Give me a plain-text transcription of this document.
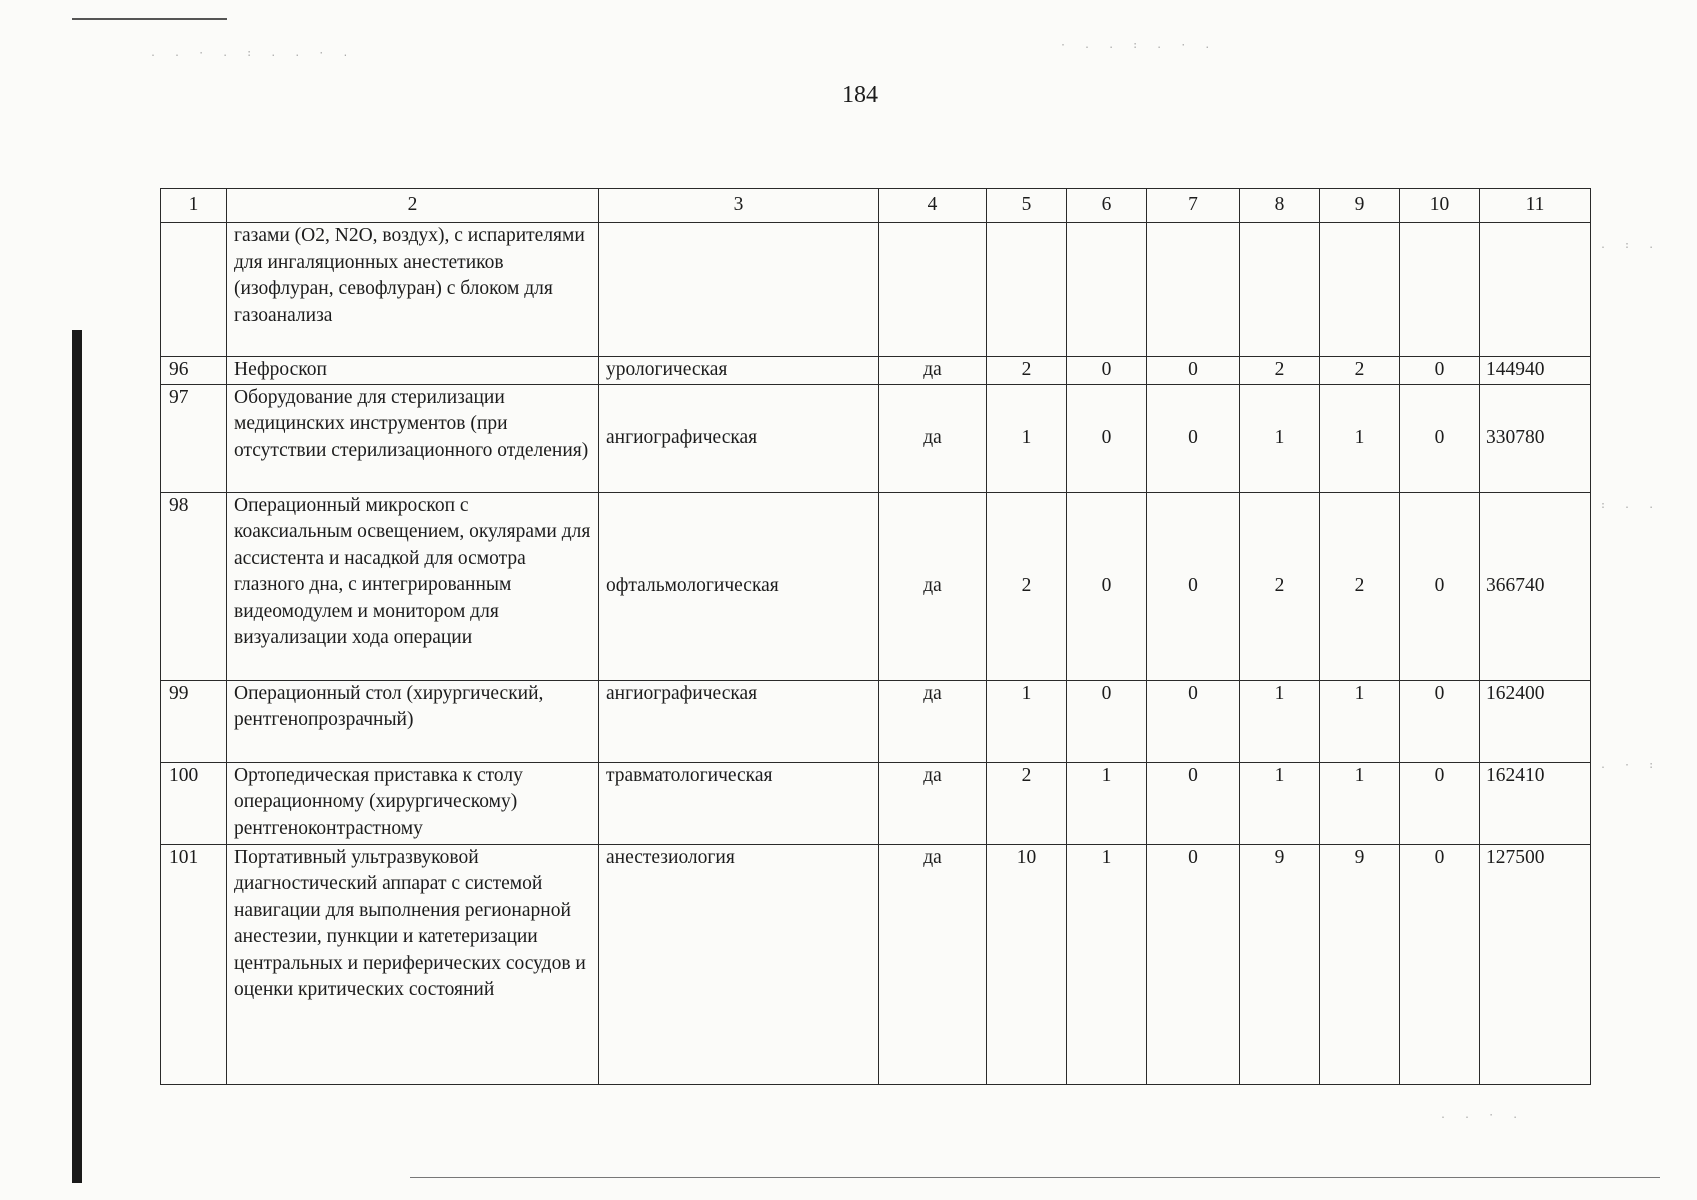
. . · . : . . · .
· . . : . · .
. : .
: . .
. · :
. . · .
184
1	2	3	4	5	6	7	8	9	10	11
	газами (О2, N2O, воздух), с испарителями для ингаляционных анестетиков (изофлуран, севофлуран) с блоком для газоанализа									
96	Нефроскоп	урологическая	да	2	0	0	2	2	0	144940
97	Оборудование для стерилизации медицинских инструментов (при отсутствии стерилизационного отделения)	ангиографическая	да	1	0	0	1	1	0	330780
98	Операционный микроскоп с коаксиальным освещением, окулярами для ассистента и насадкой для осмотра глазного дна, с интегрированным видеомодулем и монитором для визуализации хода операции	офтальмологическая	да	2	0	0	2	2	0	366740
99	Операционный стол (хирургический, рентгенопрозрачный)	ангиографическая	да	1	0	0	1	1	0	162400
100	Ортопедическая приставка к столу операционному (хирургическому) рентгеноконтрастному	травматологическая	да	2	1	0	1	1	0	162410
101	Портативный ультразвуковой диагностический аппарат с системой навигации для выполнения регионарной анестезии, пункции и катетеризации центральных и периферических сосудов и оценки критических состояний	анестезиология	да	10	1	0	9	9	0	127500
